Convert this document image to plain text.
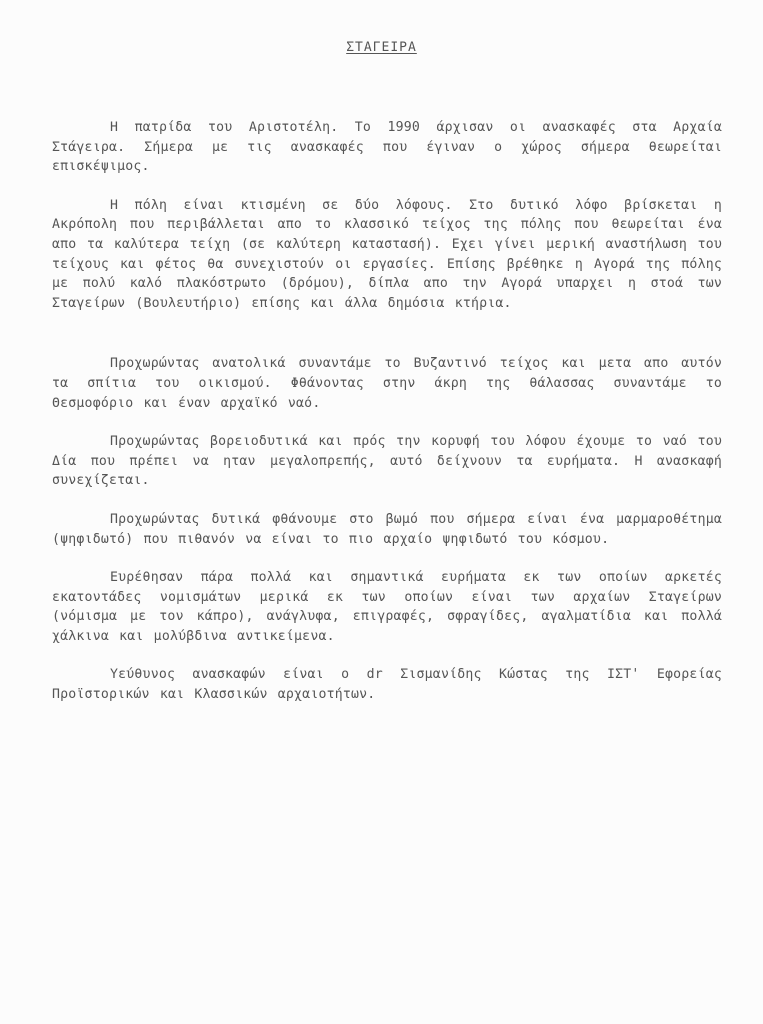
ΣΤΑΓΕΙΡΑ

Η πατρίδα του Αριστοτέλη. Το 1990 άρχισαν οι ανασκαφές στα Αρχαία Στάγειρα. Σήμερα με τις ανασκαφές που έγιναν ο χώρος σήμερα θεωρείται επισκέψιμος.

Η πόλη είναι κτισμένη σε δύο λόφους. Στο δυτικό λόφο βρίσκεται η Ακρόπολη που περιβάλλεται απο το κλασσικό τείχος της πόλης που θεωρείται ένα απο τα καλύτερα τείχη (σε καλύτερη καταστασή). Εχει γίνει μερική αναστήλωση του τείχους και φέτος θα συνεχιστούν οι εργασίες. Επίσης βρέθηκε η Αγορά της πόλης με πολύ καλό πλακόστρωτο (δρόμου), δίπλα απο την Αγορά υπαρχει η στοά των Σταγείρων (Βουλευτήριο) επίσης και άλλα δημόσια κτήρια.

Προχωρώντας ανατολικά συναντάμε το Βυζαντινό τείχος και μετα απο αυτόν τα σπίτια του οικισμού. Φθάνοντας στην άκρη της θάλασσας συναντάμε το Θεσμοφόριο και έναν αρχαϊκό ναό.

Προχωρώντας βορειοδυτικά και πρός την κορυφή του λόφου έχουμε το ναό του Δία που πρέπει να ηταν μεγαλοπρεπής, αυτό δείχνουν τα ευρήματα. Η ανασκαφή συνεχίζεται.

Προχωρώντας δυτικά φθάνουμε στο βωμό που σήμερα είναι ένα μαρμαροθέτημα (ψηφιδωτό) που πιθανόν να είναι το πιο αρχαίο ψηφιδωτό του κόσμου.

Ευρέθησαν πάρα πολλά και σημαντικά ευρήματα εκ των οποίων αρκετές εκατοντάδες νομισμάτων μερικά εκ των οποίων είναι των αρχαίων Σταγείρων (νόμισμα με τον κάπρο), ανάγλυφα, επιγραφές, σφραγίδες, αγαλματίδια και πολλά χάλκινα και μολύβδινα αντικείμενα.

Υεύθυνος ανασκαφών είναι ο dr Σισμανίδης Κώστας της ΙΣΤ' Εφορείας Προϊστορικών και Κλασσικών αρχαιοτήτων.
